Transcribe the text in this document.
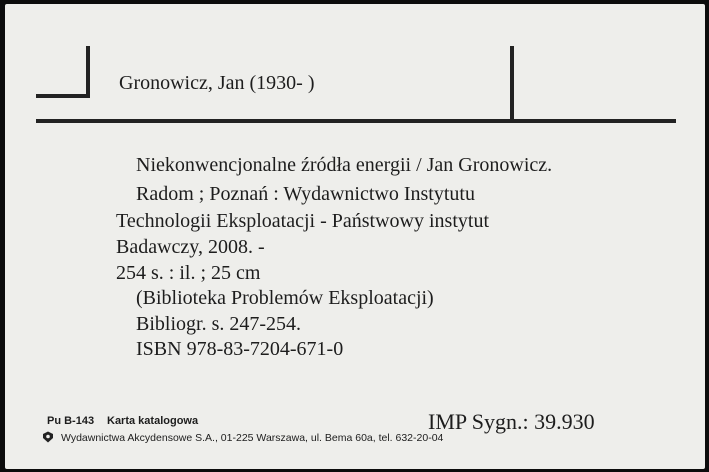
Gronowicz, Jan (1930- )
Niekonwencjonalne źródła energii / Jan Gronowicz.
Radom ; Poznań : Wydawnictwo Instytutu
Technologii Eksploatacji - Państwowy instytut
Badawczy, 2008. -
254 s. : il. ; 25 cm
(Biblioteka Problemów Eksploatacji)
Bibliogr. s. 247-254.
ISBN 978-83-7204-671-0
Pu B-143 Karta katalogowa
Wydawnictwa Akcydensowe S.A., 01-225 Warszawa, ul. Bema 60a, tel. 632-20-04
IMP Sygn.: 39.930
